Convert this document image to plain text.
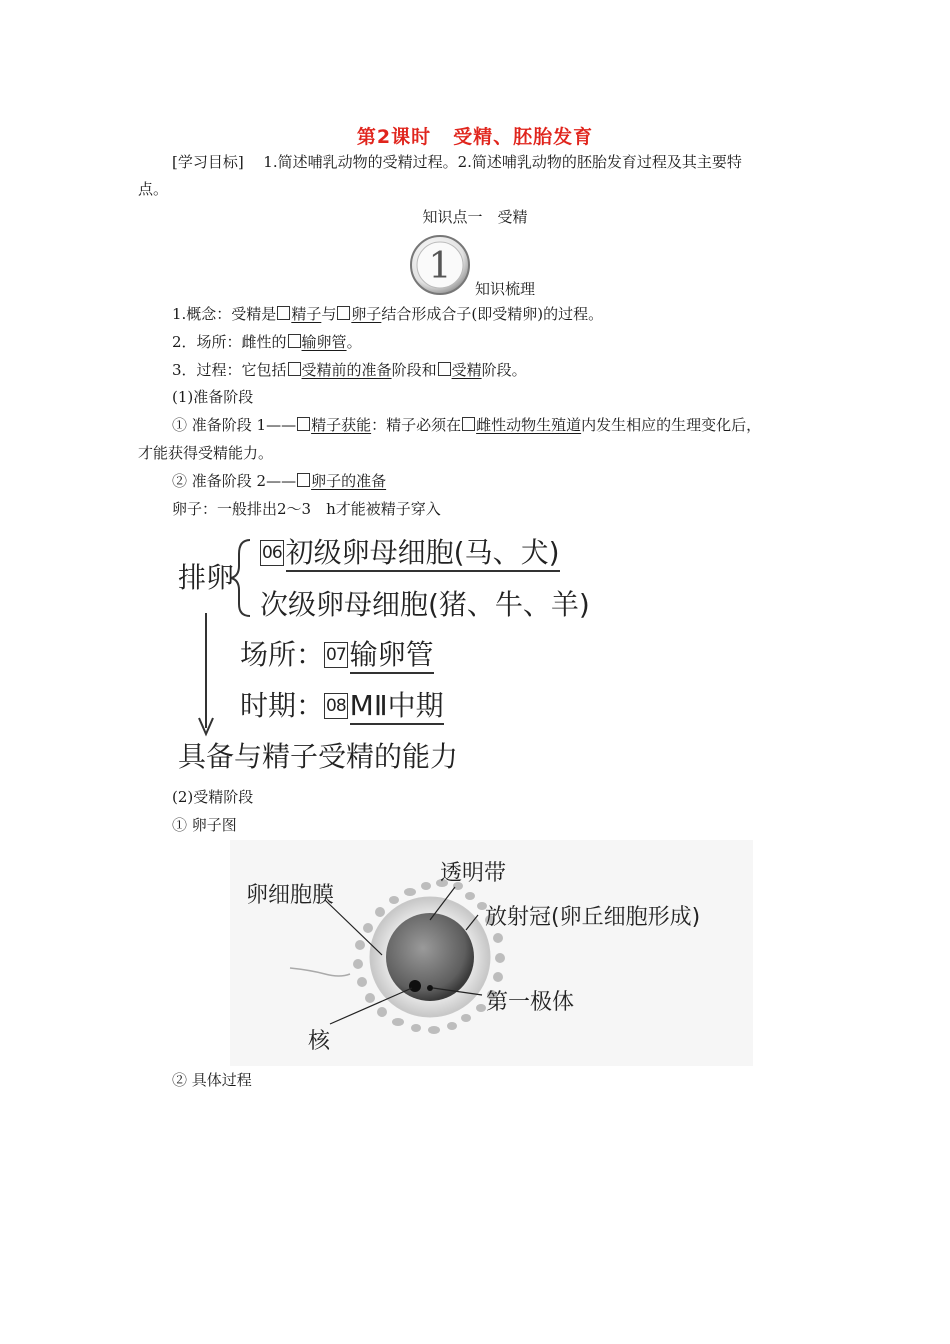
第2课时 受精、胚胎发育
[学习目标] 1.简述哺乳动物的受精过程。2.简述哺乳动物的胚胎发育过程及其主要特
点。
知识点一　受精
1
知识梳理
1.概念：受精是 精子与 卵子结合形成合子(即受精卵)的过程。
2．场所：雌性的 输卵管。
3．过程：它包括 受精前的准备阶段和 受精阶段。
(1)准备阶段
① 准备阶段 1—— 精子获能：精子必须在 雌性动物生殖道内发生相应的生理变化后，
才能获得受精能力。
② 准备阶段 2—— 卵子的准备
卵子：一般排出2～3　h才能被精子穿入
排卵
06 初级卵母细胞(马、犬)
次级卵母细胞(猪、牛、羊)
场所： 07 输卵管
时期： 08 MⅡ中期
具备与精子受精的能力
(2)受精阶段
① 卵子图
卵细胞膜
透明带
放射冠(卵丘细胞形成)
第一极体
核
② 具体过程
